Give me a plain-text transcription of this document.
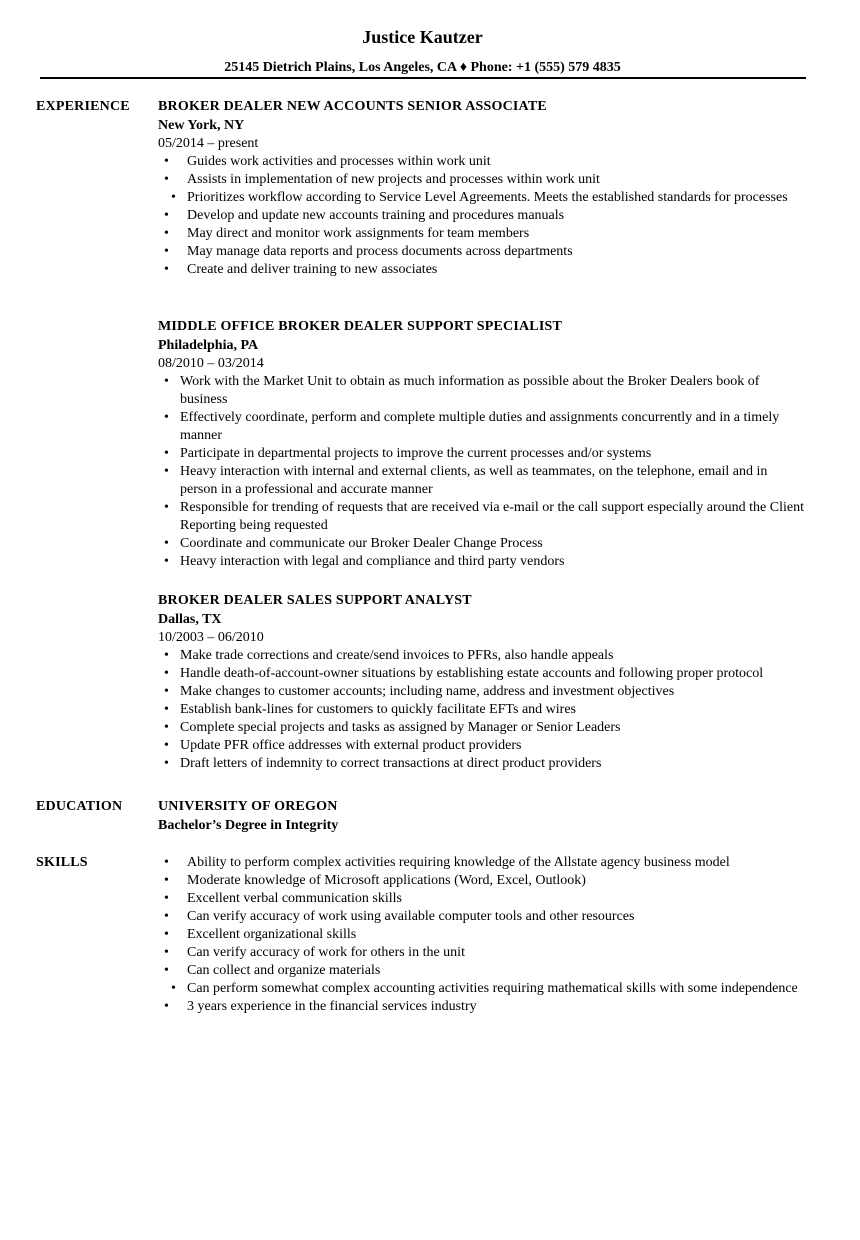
Justice Kautzer
25145 Dietrich Plains, Los Angeles, CA ♦ Phone: +1 (555) 579 4835
EXPERIENCE BROKER DEALER NEW ACCOUNTS SENIOR ASSOCIATE
New York, NY
05/2014 – present
• Guides work activities and processes within work unit
• Assists in implementation of new projects and processes within work unit
• Prioritizes workflow according to Service Level Agreements. Meets the established standards for processes
• Develop and update new accounts training and procedures manuals
• May direct and monitor work assignments for team members
• May manage data reports and process documents across departments
• Create and deliver training to new associates
MIDDLE OFFICE BROKER DEALER SUPPORT SPECIALIST
Philadelphia, PA
08/2010 – 03/2014
• Work with the Market Unit to obtain as much information as possible about the Broker Dealers book of business
• Effectively coordinate, perform and complete multiple duties and assignments concurrently and in a timely manner
• Participate in departmental projects to improve the current processes and/or systems
• Heavy interaction with internal and external clients, as well as teammates, on the telephone, email and in person in a professional and accurate manner
• Responsible for trending of requests that are received via e-mail or the call support especially around the Client Reporting being requested
• Coordinate and communicate our Broker Dealer Change Process
• Heavy interaction with legal and compliance and third party vendors
BROKER DEALER SALES SUPPORT ANALYST
Dallas, TX
10/2003 – 06/2010
• Make trade corrections and create/send invoices to PFRs, also handle appeals
• Handle death-of-account-owner situations by establishing estate accounts and following proper protocol
• Make changes to customer accounts; including name, address and investment objectives
• Establish bank-lines for customers to quickly facilitate EFTs and wires
• Complete special projects and tasks as assigned by Manager or Senior Leaders
• Update PFR office addresses with external product providers
• Draft letters of indemnity to correct transactions at direct product providers
EDUCATION	UNIVERSITY OF OREGON
Bachelor’s Degree in Integrity
SKILLS
•	Ability to perform complex activities requiring knowledge of the Allstate agency business model
• Moderate knowledge of Microsoft applications (Word, Excel, Outlook)
• Excellent verbal communication skills
• Can verify accuracy of work using available computer tools and other resources
• Excellent organizational skills
• Can verify accuracy of work for others in the unit
• Can collect and organize materials
• Can perform somewhat complex accounting activities requiring mathematical skills with some independence
• 3 years experience in the financial services industry
